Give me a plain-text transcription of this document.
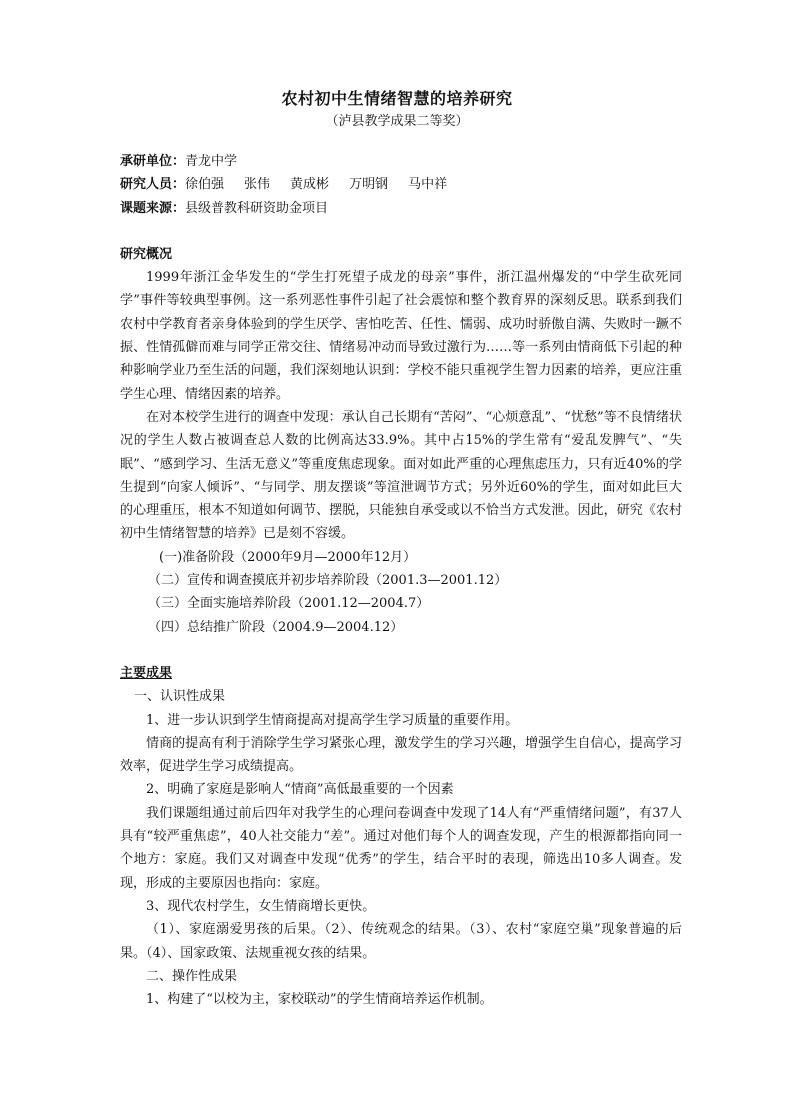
农村初中生情绪智慧的培养研究
（泸县教学成果二等奖）
承研单位：青龙中学
研究人员：徐伯强 张伟 黄成彬 万明钢 马中祥
课题来源：县级普教科研资助金项目
研究概况

1999年浙江金华发生的“学生打死望子成龙的母亲”事件，浙江温州爆发的“中学生砍死同学”事件等较典型事例。这一系列恶性事件引起了社会震惊和整个教育界的深刻反思。联系到我们农村中学教育者亲身体验到的学生厌学、害怕吃苦、任性、懦弱、成功时骄傲自满、失败时一蹶不振、性情孤僻而难与同学正常交往、情绪易冲动而导致过激行为……等一系列由情商低下引起的种种影响学业乃至生活的问题，我们深刻地认识到：学校不能只重视学生智力因素的培养，更应注重学生心理、情绪因素的培养。

在对本校学生进行的调查中发现：承认自己长期有“苦闷”、“心烦意乱”、“忧愁”等不良情绪状况的学生人数占被调查总人数的比例高达33.9%。其中占15%的学生常有“爱乱发脾气”、“失眠”、“感到学习、生活无意义”等重度焦虑现象。面对如此严重的心理焦虑压力，只有近40%的学生提到“向家人倾诉”、“与同学、朋友摆谈”等渲泄调节方式；另外近60%的学生，面对如此巨大的心理重压，根本不知道如何调节、摆脱，只能独自承受或以不恰当方式发泄。因此，研究《农村初中生情绪智慧的培养》已是刻不容缓。

(一)准备阶段（2000年9月—2000年12月）

（二）宣传和调查摸底并初步培养阶段（2001.3—2001.12）

（三）全面实施培养阶段（2001.12—2004.7）

（四）总结推广阶段（2004.9—2004.12）

主要成果

一、认识性成果

1、进一步认识到学生情商提高对提高学生学习质量的重要作用。

情商的提高有利于消除学生学习紧张心理，激发学生的学习兴趣，增强学生自信心，提高学习效率，促进学生学习成绩提高。

2、明确了家庭是影响人“情商”高低最重要的一个因素

我们课题组通过前后四年对我学生的心理问卷调查中发现了14人有“严重情绪问题”，有37人具有“较严重焦虑”，40人社交能力“差”。通过对他们每个人的调查发现，产生的根源都指向同一个地方：家庭。我们又对调查中发现“优秀”的学生，结合平时的表现，筛选出10多人调查。发现，形成的主要原因也指向：家庭。

3、现代农村学生，女生情商增长更快。

（1）、家庭溺爱男孩的后果。（2）、传统观念的结果。（3）、农村“家庭空巢”现象普遍的后果。（4）、国家政策、法规重视女孩的结果。

二、操作性成果

1、构建了“以校为主，家校联动”的学生情商培养运作机制。
